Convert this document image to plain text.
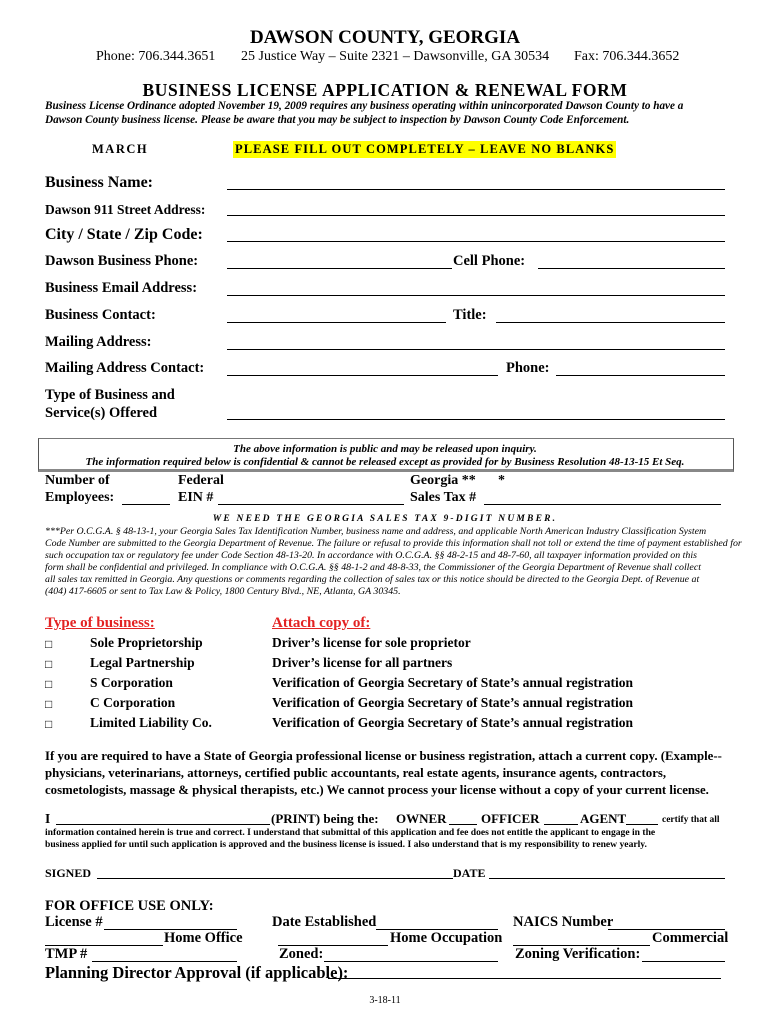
DAWSON COUNTY, GEORGIA
Phone: 706.344.3651 25 Justice Way – Suite 2321 – Dawsonville, GA 30534 Fax: 706.344.3652
BUSINESS LICENSE APPLICATION & RENEWAL FORM
Business License Ordinance adopted November 19, 2009 requires any business operating within unincorporated Dawson County to have a
Dawson County business license. Please be aware that you may be subject to inspection by Dawson County Code Enforcement.
MARCH	PLEASE FILL OUT COMPLETELY – LEAVE NO BLANKS
Business Name:
Dawson 911 Street Address:
City / State / Zip Code:
Dawson Business Phone:	Cell Phone:
Business Email Address:
Business Contact:	Title:
Mailing Address:
Mailing Address Contact:	Phone:
Type of Business and
Service(s) Offered
The above information is public and may be released upon inquiry.
The information required below is confidential & cannot be released except as provided for by Business Resolution 48-13-15 Et Seq.
Number of
Employees:
Federal
EIN #
Georgia ** *
Sales Tax #
WE NEED THE GEORGIA SALES TAX 9-DIGIT NUMBER.
***Per O.C.G.A. § 48-13-1, your Georgia Sales Tax Identification Number, business name and address, and applicable North American Industry Classification System
Code Number are submitted to the Georgia Department of Revenue. The failure or refusal to provide this information shall not toll or extend the time of payment established for
such occupation tax or regulatory fee under Code Section 48-13-20. In accordance with O.C.G.A. §§ 48-2-15 and 48-7-60, all taxpayer information provided on this
form shall be confidential and privileged. In compliance with O.C.G.A. §§ 48-1-2 and 48-8-33, the Commissioner of the Georgia Department of Revenue shall collect
all sales tax remitted in Georgia. Any questions or comments regarding the collection of sales tax or this notice should be directed to the Georgia Dept. of Revenue at
(404) 417-6605 or sent to Tax Law & Policy, 1800 Century Blvd., NE, Atlanta, GA 30345.
Type of business:	Attach copy of:
□	Sole Proprietorship	Driver’s license for sole proprietor
□	Legal Partnership	Driver’s license for all partners
□	S Corporation	Verification of Georgia Secretary of State’s annual registration
□	C Corporation	Verification of Georgia Secretary of State’s annual registration
□	Limited Liability Co.	Verification of Georgia Secretary of State’s annual registration
If you are required to have a State of Georgia professional license or business registration, attach a current copy. (Example--
physicians, veterinarians, attorneys, certified public accountants, real estate agents, insurance agents, contractors,
cosmetologists, massage & physical therapists, etc.) We cannot process your license without a copy of your current license.
I	(PRINT) being the: OWNER	OFFICER	AGENT	certify that all
information contained herein is true and correct. I understand that submittal of this application and fee does not entitle the applicant to engage in the
business applied for until such application is approved and the business license is issued. I also understand that is my responsibility to renew yearly.
SIGNED	DATE
FOR OFFICE USE ONLY:
License #	Date Established	NAICS Number
Home Office	Home Occupation	Commercial
TMP #	Zoned:	Zoning Verification:
Planning Director Approval (if applicable):
3-18-11
